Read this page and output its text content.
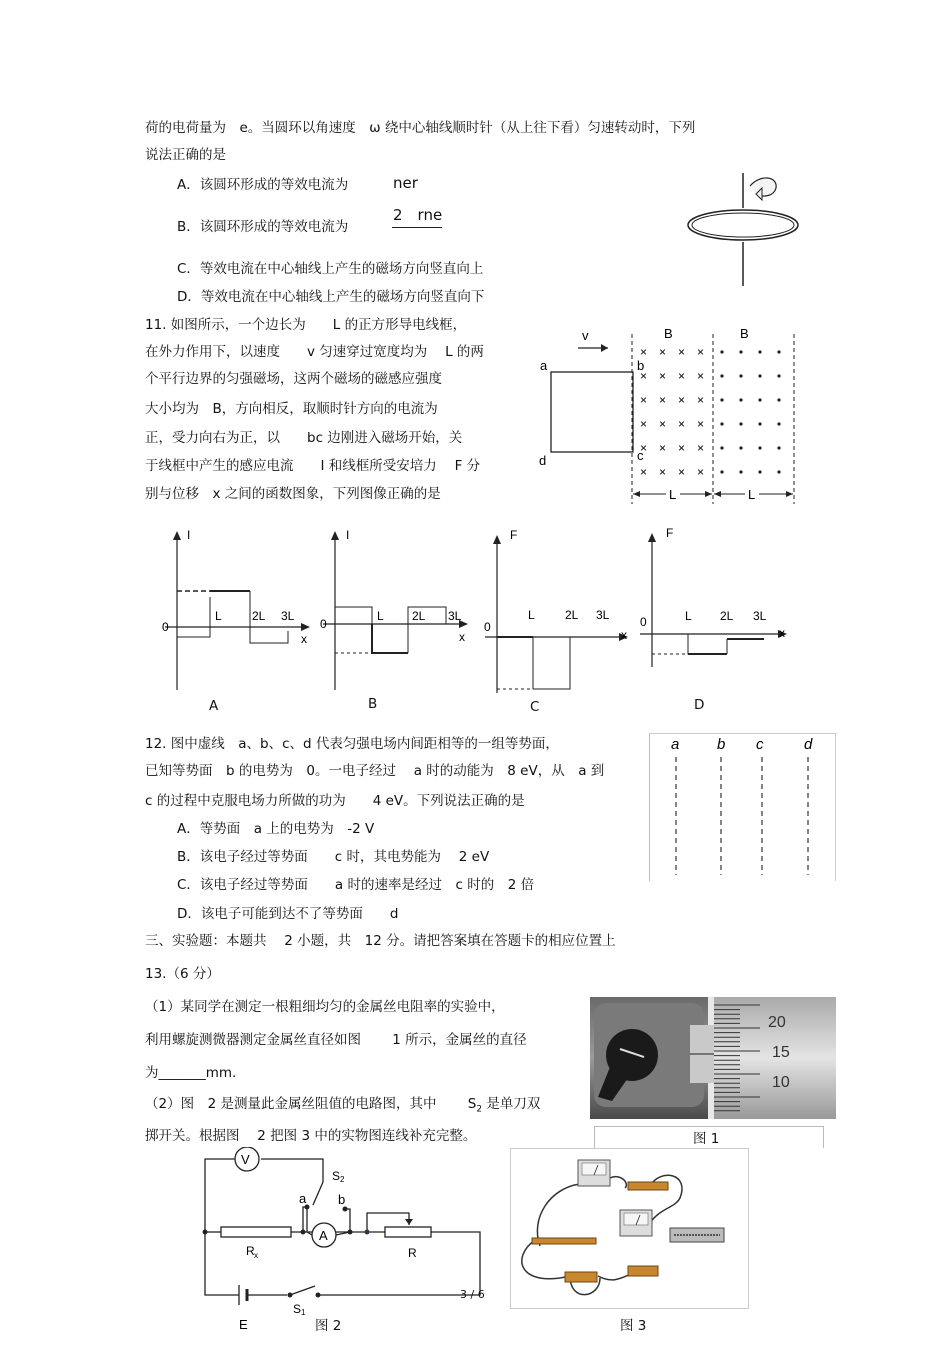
荷的电荷量为　e。当圆环以角速度　ω 绕中心轴线顺时针（从上往下看）匀速转动时，下列
说法正确的是
A．该圆环形成的等效电流为	ner
B．该圆环形成的等效电流为
2　rne
C．等效电流在中心轴线上产生的磁场方向竖直向上
D．等效电流在中心轴线上产生的磁场方向竖直向下
11. 如图所示，一个边长为　　L 的正方形导电线框，
在外力作用下，以速度　　v 匀速穿过宽度均为　 L 的两
个平行边界的匀强磁场，这两个磁场的磁感应强度
大小均为　B，方向相反，取顺时针方向的电流为
正，受力向右为正，以　　bc 边刚进入磁场开始，关
于线框中产生的感应电流　　I 和线框所受安培力　 F 分
别与位移　x 之间的函数图象，下列图像正确的是
v
a	b
c
d
B	B
× × × ×
× × × ×
× × × ×
× × × ×
× × × ×
× × × ×
L	L
I
0
L	2L 3L
x
A
I
0
L 2L 3L
x
B
F
0
L	2L 3L
x
C
F
0	L 2L 3L
x
D
12. 图中虚线　a、b、c、d 代表匀强电场内间距相等的一组等势面，
已知等势面　b 的电势为　0。一电子经过　 a 时的动能为　8 eV，从　a 到
c 的过程中克服电场力所做的功为　　4 eV。下列说法正确的是
A．等势面　a 上的电势为　-2 V
B．该电子经过等势面　　c 时，其电势能为　 2 eV
C．该电子经过等势面　　a 时的速率是经过　c 时的　2 倍
D．该电子可能到达不了等势面　　d
a	b c	d
三、实验题：本题共　 2 小题，共　12 分。请把答案填在答题卡的相应位置上
13.（6 分）
（1）某同学在测定一根粗细均匀的金属丝电阻率的实验中，
利用螺旋测微器测定金属丝直径如图　　 1 所示，金属丝的直径
为_______mm.
（2）图　2 是测量此金属丝阻值的电路图，其中　　 $S_2$ 是单刀双
掷开关。根据图　 2 把图 3 中的实物图连线补充完整。
20
15
10
图 1
V
S 2
a b
R x
A
R
E
S 1
3 / 6
图 2	图 3
